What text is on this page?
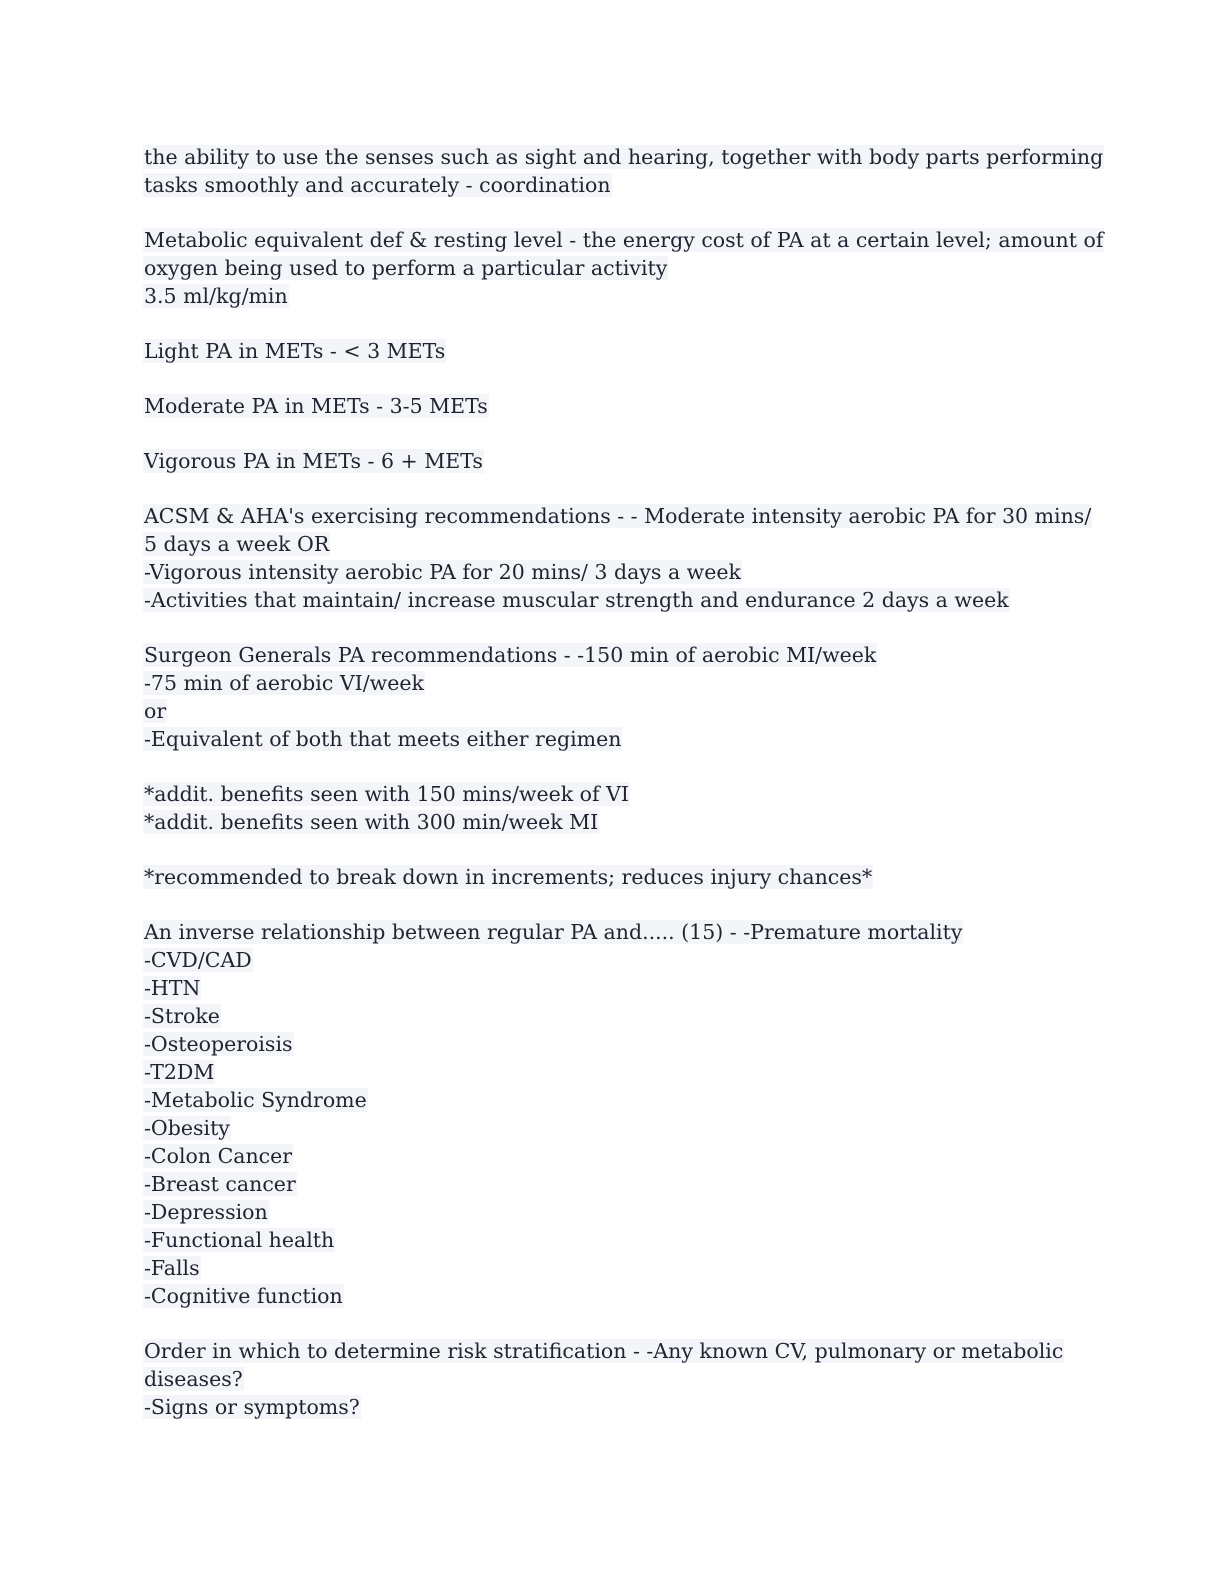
the ability to use the senses such as sight and hearing, together with body parts performing
tasks smoothly and accurately - coordination
Metabolic equivalent def & resting level - the energy cost of PA at a certain level; amount of
oxygen being used to perform a particular activity
3.5 ml/kg/min
Light PA in METs - < 3 METs
Moderate PA in METs - 3-5 METs
Vigorous PA in METs - 6 + METs
ACSM & AHA's exercising recommendations - - Moderate intensity aerobic PA for 30 mins/
5 days a week OR
-Vigorous intensity aerobic PA for 20 mins/ 3 days a week
-Activities that maintain/ increase muscular strength and endurance 2 days a week
Surgeon Generals PA recommendations - -150 min of aerobic MI/week
-75 min of aerobic VI/week
or
-Equivalent of both that meets either regimen
*addit. benefits seen with 150 mins/week of VI
*addit. benefits seen with 300 min/week MI
*recommended to break down in increments; reduces injury chances*
An inverse relationship between regular PA and..... (15) - -Premature mortality
-CVD/CAD
-HTN
-Stroke
-Osteoperoisis
-T2DM
-Metabolic Syndrome
-Obesity
-Colon Cancer
-Breast cancer
-Depression
-Functional health
-Falls
-Cognitive function
Order in which to determine risk stratification - -Any known CV, pulmonary or metabolic
diseases?
-Signs or symptoms?
